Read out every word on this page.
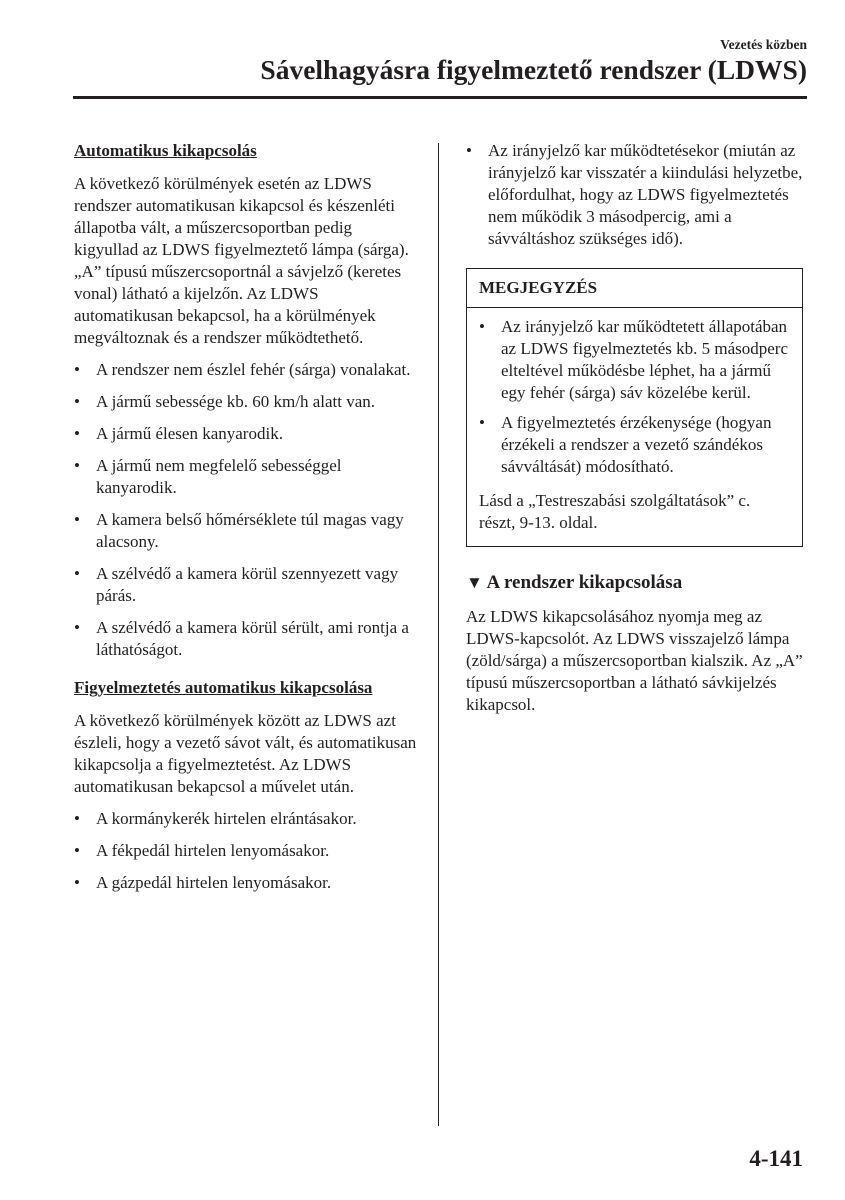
Vezetés közben

Sávelhagyásra figyelmeztető rendszer (LDWS)

Automatikus kikapcsolás

A következő körülmények esetén az LDWS rendszer automatikusan kikapcsol és készenléti állapotba vált, a műszercsoportban pedig kigyullad az LDWS figyelmeztető lámpa (sárga). „A” típusú műszercsoportnál a sávjelző (keretes vonal) látható a kijelzőn. Az LDWS automatikusan bekapcsol, ha a körülmények megváltoznak és a rendszer működtethető.

• A rendszer nem észlel fehér (sárga) vonalakat.
• A jármű sebessége kb. 60 km/h alatt van.
• A jármű élesen kanyarodik.
• A jármű nem megfelelő sebességgel kanyarodik.
• A kamera belső hőmérséklete túl magas vagy alacsony.
• A szélvédő a kamera körül szennyezett vagy párás.
• A szélvédő a kamera körül sérült, ami rontja a láthatóságot.

Figyelmeztetés automatikus kikapcsolása

A következő körülmények között az LDWS azt észleli, hogy a vezető sávot vált, és automatikusan kikapcsolja a figyelmeztetést. Az LDWS automatikusan bekapcsol a művelet után.

• A kormánykerék hirtelen elrántásakor.
• A fékpedál hirtelen lenyomásakor.
• A gázpedál hirtelen lenyomásakor.
• Az irányjelző kar működtetésekor (miután az irányjelző kar visszatér a kiindulási helyzetbe, előfordulhat, hogy az LDWS figyelmeztetés nem működik 3 másodpercig, ami a sávváltáshoz szükséges idő).
MEGJEGYZÉS
• Az irányjelző kar működtetett állapotában az LDWS figyelmeztetés kb. 5 másodperc elteltével működésbe léphet, ha a jármű egy fehér (sárga) sáv közelébe kerül.
• A figyelmeztetés érzékenysége (hogyan érzékeli a rendszer a vezető szándékos sávváltását) módosítható.

Lásd a „Testreszabási szolgáltatások” c. részt, 9-13. oldal.

▼ A rendszer kikapcsolása

Az LDWS kikapcsolásához nyomja meg az LDWS-kapcsolót. Az LDWS visszajelző lámpa (zöld/sárga) a műszercsoportban kialszik. Az „A” típusú műszercsoportban a látható sávkijelzés kikapcsol.

4-141
